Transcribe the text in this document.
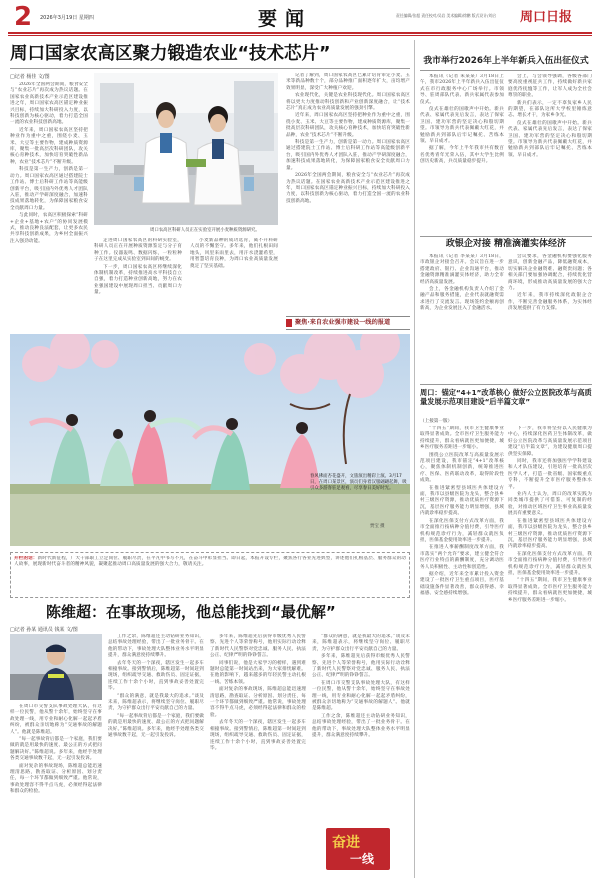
2 2026年3月19日 星期四	要闻	责任编辑/张超 责任校对/吴岩 美术编辑/徐鹏 版式设计/刘启	周口日报
周口国家农高区聚力锻造农业“技术芯片”
□记者 杨佳 文/图

2026年全国两会期间，粮食安全与“农业芯片”再次成为热议话题。在国家农业高新技术产业示范区建设推进之年，周口国家农高区锚定种业振兴目标，持续加大科研投入力度，以科技创新为核心驱动，着力打造全国一流的农业科技创新高地。

近年来，周口国家农高区坚持把种业作为重中之重，围绕小麦、玉米、大豆等主要作物，建成种质资源库，聚集一批高层次科研团队，攻关核心育种技术，加快培育突破性新品种，农业“技术芯片”不断升级。

科技是第一生产力，创新是第一动力。周口国家农高区通过搭建院士工作站、博士后科研工作站等高能级创新平台，吸引国内外优秀人才团队入驻，推动产学研深度融合，加速科技成果落地转化，为保障国家粮食安全贡献周口力量。

与此同时，农高区积极探索“科研+企业+基地+农户”的协同发展模式，推动良种良法配套，让更多农民共享科技创新成果，为乡村全面振兴注入强劲动能。

周口农高区科研人员正在实验室开展小麦种质资源研究。

走进周口国家农高区的科研实验室，科研人员正在开展种质资源鉴定与分子育种工作。仪器轰鸣、数据闪烁，一粒粒种子在这里完成从实验室到田间的蜕变。

下一步，周口国家农高区将继续深化体制机制改革，持续推进高水平科技自立自强，着力打造种业创新高地，努力在农业强国建设中展现周口担当、贡献周口力量。

小麦新品种的成功选育，离不开科研人员的不懈坚守。多年来，他们扎根田间地头，风里来雨里去，用汗水浇灌希望，用智慧培育良种，为周口农业高质量发展奠定了坚实基础。

记者了解到，周口国家农高区已累计培育审定小麦、玉米等新品种数十个，部分品种推广面积逐年扩大，亩均增产效果明显，深受广大种植户欢迎。

农业现代化，关键是农业科技现代化。周口国家农高区将以更大力度推动科技创新和产业创新深度融合，让“技术芯片”真正成为农业高质量发展的强劲引擎。

近年来，周口国家农高区坚持把种业作为重中之重，围绕小麦、玉米、大豆等主要作物，建成种质资源库，聚集一批高层次科研团队，攻关核心育种技术，加快培育突破性新品种，农业“技术芯片”不断升级。

科技是第一生产力，创新是第一动力。周口国家农高区通过搭建院士工作站、博士后科研工作站等高能级创新平台，吸引国内外优秀人才团队入驻，推动产学研深度融合，加速科技成果落地转化，为保障国家粮食安全贡献周口力量。

2026年全国两会期间，粮食安全与“农业芯片”再次成为热议话题。在国家农业高新技术产业示范区建设推进之年，周口国家农高区锚定种业振兴目标，持续加大科研投入力度，以科技创新为核心驱动，着力打造全国一流的农业科技创新高地。

聚焦·来自农业强市建设一线的报道
春风拂面杏花盛开，文旅演出精彩上演。3月17日，在周口某景区，演员们身着汉服翩翩起舞，吸引众多游客驻足观看，尽享春日美好时光。
贾宝 摄
开栏的话：新时代新征程，广大干部职工立足岗位、履职尽责，在平凡中书写不凡，在奋斗中彰显担当。即日起，本报开设专栏，聚焦各行各业先进典型，讲述他们扎根基层、服务群众的动人故事，展现新时代奋斗者的精神风貌，凝聚起推动周口高质量发展的强大合力，敬请关注。
陈维超：在事故现场，他总能找到“最优解”
□记者 孙某 通讯员 钱某 文/图

在周口市交警支队事故处理大队，有这样一位民警，他从警十余年，始终坚守在事故处理一线，用专业和耐心化解一起起矛盾纠纷，被群众亲切地称为“交通事故的解题人”。他就是陈维超。

“每一起事故背后都是一个家庭，我们要做的就是用最快的速度、最公正的方式把问题解决好。”陈维超说。多年来，他经手处理各类交通事故数千起，无一起引发投诉。

面对复杂的事故现场，陈维超总能迅速理清思路，勘查取证、分析原因、划分责任，每一个环节都做到细致严谨。他常说，事故处理容不得半点马虎，必须经得起法律和群众的检验。

工作之余，陈维超还主动钻研业务知识，总结事故处理经验，带出了一批业务骨干。在他的带动下，事故处理大队整体业务水平明显提升，群众满意度持续攀升。

去年冬天的一个深夜，辖区发生一起多车相撞事故。接到警情后，陈维超第一时间赶到现场，组织疏导交通、救助伤员、固定证据，连续工作十余个小时，直到事故妥善处置完毕。

“群众的满意，就是我最大的追求。”谈及未来，陈维超表示，将继续坚守岗位、履职尽责，为守护群众出行平安贡献自己的力量。

“每一起事故背后都是一个家庭，我们要做的就是用最快的速度、最公正的方式把问题解决好。”陈维超说。多年来，他经手处理各类交通事故数千起，无一起引发投诉。

多年来，陈维超先后获得市级优秀人民警察、先进个人等荣誉称号，他用实际行动诠释了新时代人民警察对党忠诚、服务人民、执法公正、纪律严明的铮铮誓言。

同事们说，他是大家学习的榜样，遇到难题时总能第一时间站出来，为大家排忧解难。在他的影响下，越来越多的年轻民警主动扎根一线、苦练本领。

面对复杂的事故现场，陈维超总能迅速理清思路，勘查取证、分析原因、划分责任，每一个环节都做到细致严谨。他常说，事故处理容不得半点马虎，必须经得起法律和群众的检验。

去年冬天的一个深夜，辖区发生一起多车相撞事故。接到警情后，陈维超第一时间赶到现场，组织疏导交通、救助伤员、固定证据，连续工作十余个小时，直到事故妥善处置完毕。

“群众的满意，就是我最大的追求。”谈及未来，陈维超表示，将继续坚守岗位、履职尽责，为守护群众出行平安贡献自己的力量。

多年来，陈维超先后获得市级优秀人民警察、先进个人等荣誉称号，他用实际行动诠释了新时代人民警察对党忠诚、服务人民、执法公正、纪律严明的铮铮誓言。

在周口市交警支队事故处理大队，有这样一位民警，他从警十余年，始终坚守在事故处理一线，用专业和耐心化解一起起矛盾纠纷，被群众亲切地称为“交通事故的解题人”。他就是陈维超。

工作之余，陈维超还主动钻研业务知识，总结事故处理经验，带出了一批业务骨干。在他的带动下，事故处理大队整体业务水平明显提升，群众满意度持续攀升。

奋进
一线
我市举行2026年上半年新兵入伍出征仪式

本报讯（记者 朱某某）3月18日上午，我市2026年上半年新兵入伍出征仪式在市行政服务中心广场举行。市领导、驻周部队代表、新兵家属代表参加仪式。

仪式在雄壮的国歌声中开始。新兵代表、家属代表先后发言，表达了保家卫国、建功军营的坚定决心和殷切期望。市领导为新兵代表佩戴大红花，并勉励新兵到部队后牢记嘱托、苦练本领、早日成才。

据了解，今年上半年我市共有数百名优秀青年光荣入伍，其中大学生比例创历史新高，兵员质量稳步提升。

会上，与会领导强调，各级各部门要高度重视征兵工作，持续做好新兵家庭优待抚恤等工作，让军人成为全社会尊崇的职业。

新兵们表示，一定不辜负家乡人民的期望，在部队这所大学校里锤炼意志、增长才干，为家乡争光。

仪式在雄壮的国歌声中开始。新兵代表、家属代表先后发言，表达了保家卫国、建功军营的坚定决心和殷切期望。市领导为新兵代表佩戴大红花，并勉励新兵到部队后牢记嘱托、苦练本领、早日成才。

政银企对接 精准滴灌实体经济

本报讯（记者 李某某）3月18日，市政银企对接会召开。会议旨在进一步搭建政府、银行、企业沟通平台，推动金融资源精准滴灌实体经济，助力全市经济高质量发展。

会上，各金融机构负责人介绍了金融产品和服务措施，企业代表就融资需求进行了交流发言。现场签约金额再创新高，为企业发展注入了金融活水。

会议要求，各金融机构要强化服务意识，创新金融产品，降低融资成本，切实解决企业融资难、融资贵问题；各相关部门要加强协调配合，持续优化营商环境，形成推动高质量发展的强大合力。

近年来，我市持续深化政银企合作，不断完善金融服务体系，为实体经济发展提供了有力支撑。

周口：锚定“4+1”改革核心 做好公立医院改革与高质量发展示范项目建设“后半篇文章”
（上接第一版）

“十四五”期间，我市卫生健康事业取得显著成效。全市医疗卫生服务能力持续提升，群众看病就医更加便捷，城乡医疗服务差距进一步缩小。

围绕公立医院改革与高质量发展示范项目建设，我市锚定“4+1”改革核心，聚焦体制机制创新，统筹推进医疗、医保、医药联动改革，取得阶段性成效。

在推进紧密型县域医共体建设方面，我市以县级医院为龙头，整合县乡村三级医疗资源，推动优质医疗资源下沉，基层医疗服务能力明显增强，县域内就诊率稳步提高。

在深化医保支付方式改革方面，我市全面推行按病种分值付费，引导医疗机构规范诊疗行为，减轻群众就医负担，医保基金使用效率进一步提升。

在推进人事薪酬制度改革方面，我市落实“两个允许”要求，建立健全符合医疗行业特点的薪酬制度，充分调动医务人员积极性、主动性和创造性。

据介绍，近年来全市累计投入资金建设了一批医疗卫生重点项目，医疗基础设施条件显著改善，群众获得感、幸福感、安全感持续增强。

下一步，我市将坚持以人民健康为中心，持续深化医药卫生体制改革，做好公立医院改革与高质量发展示范项目建设“后半篇文章”，为建设健康周口提供坚实保障。

同时，我市还将加强医学学科建设和人才队伍建设，引进培育一批高层次医学人才，打造一批省级、国家级重点专科，不断提升全市医疗服务整体水平。

业内人士认为，周口的改革实践为同类城市提供了可借鉴、可复制的经验，对推动区域医疗卫生事业高质量发展具有重要意义。

在推进紧密型县域医共体建设方面，我市以县级医院为龙头，整合县乡村三级医疗资源，推动优质医疗资源下沉，基层医疗服务能力明显增强，县域内就诊率稳步提高。

在深化医保支付方式改革方面，我市全面推行按病种分值付费，引导医疗机构规范诊疗行为，减轻群众就医负担，医保基金使用效率进一步提升。

“十四五”期间，我市卫生健康事业取得显著成效。全市医疗卫生服务能力持续提升，群众看病就医更加便捷，城乡医疗服务差距进一步缩小。
